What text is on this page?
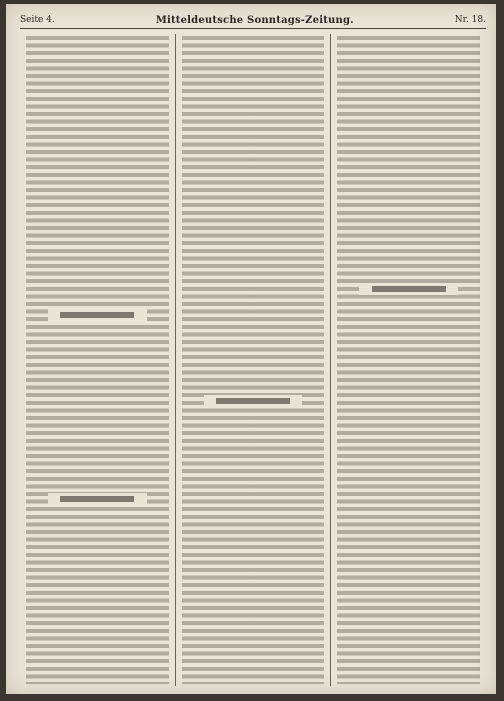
Seite 4.	Mitteldeutsche Sonntags-Zeitung.	Nr. 18.
